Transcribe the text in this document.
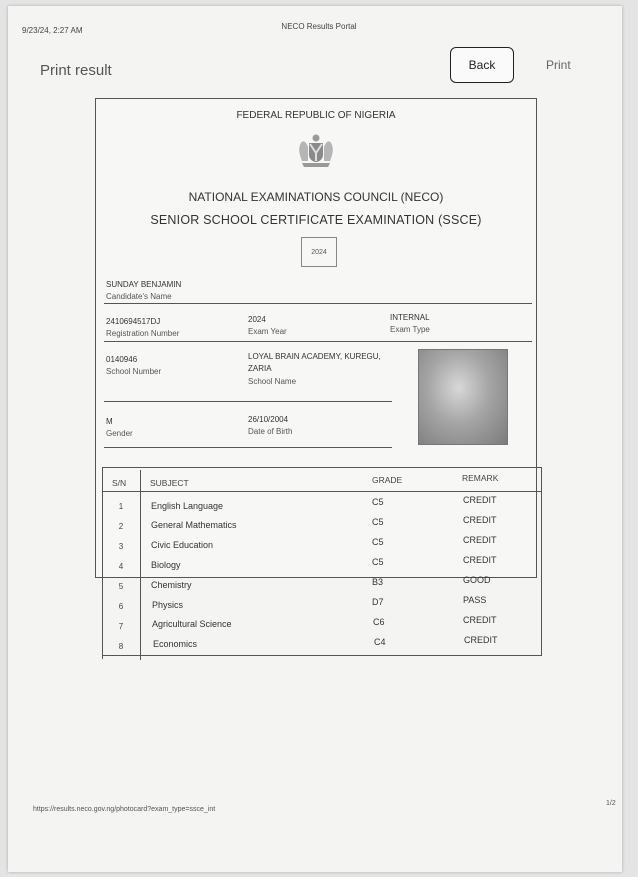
9/23/24, 2:27 AM	NECO Results Portal
Print result	Back	Print
FEDERAL REPUBLIC OF NIGERIA
NATIONAL EXAMINATIONS COUNCIL (NECO)
SENIOR SCHOOL CERTIFICATE EXAMINATION (SSCE)
2024
SUNDAY BENJAMIN
Candidate's Name
2410694517DJ
Registration Number
2024
Exam Year
INTERNAL
Exam Type
0140946
School Number
LOYAL BRAIN ACADEMY, KUREGU,
ZARIA
School Name
M
Gender
26/10/2004
Date of Birth
S/N	SUBJECT	GRADE	REMARK
1	English Language	C5	CREDIT
2	General Mathematics	C5	CREDIT
3	Civic Education	C5	CREDIT
4	Biology	C5	CREDIT
5	Chemistry	B3	GOOD
6	Physics	D7	PASS
7	Agricultural Science	C6	CREDIT
8	Economics	C4	CREDIT
https://results.neco.gov.ng/photocard?exam_type=ssce_int
1/2
